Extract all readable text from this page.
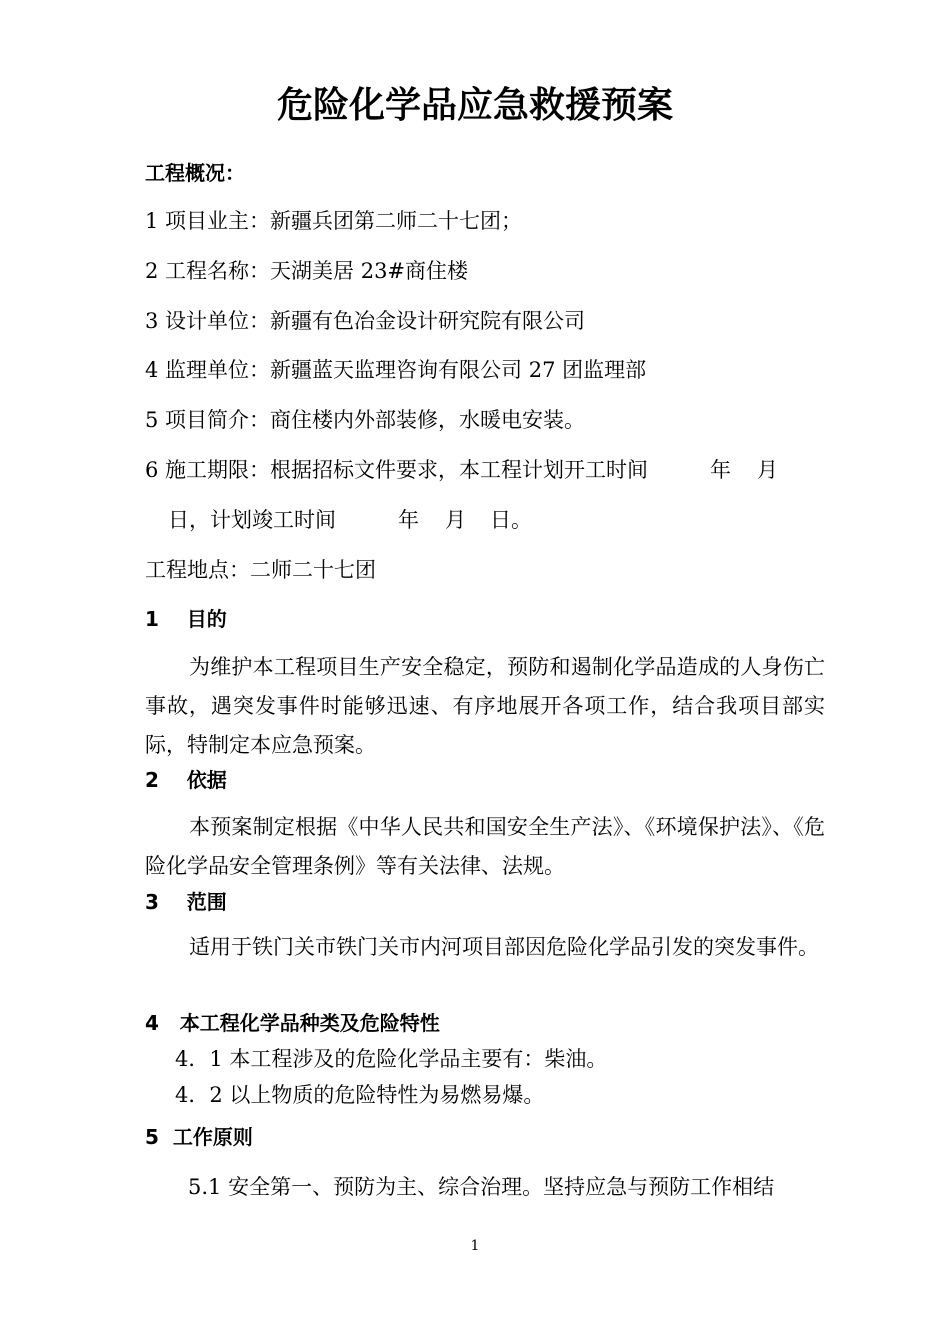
危险化学品应急救援预案
工程概况：
1 项目业主：新疆兵团第二师二十七团；
2 工程名称：天湖美居 23#商住楼
3 设计单位：新疆有色冶金设计研究院有限公司
4 监理单位：新疆蓝天监理咨询有限公司 27 团监理部
5 项目简介：商住楼内外部装修，水暖电安装。
6 施工期限：根据招标文件要求，本工程计划开工时间	年 月
日，计划竣工时间	年 月 日。
工程地点：二师二十七团
1    目的

为维护本工程项目生产安全稳定，预防和遏制化学品造成的人身伤亡事故，遇突发事件时能够迅速、有序地展开各项工作，结合我项目部实际，特制定本应急预案。

2    依据

本预案制定根据《中华人民共和国安全生产法》、《环境保护法》、《危险化学品安全管理条例》等有关法律、法规。

3    范围

适用于铁门关市铁门关市内河项目部因危险化学品引发的突发事件。

4   本工程化学品种类及危险特性
4．1 本工程涉及的危险化学品主要有：柴油。
4．2 以上物质的危险特性为易燃易爆。
5  工作原则
5.1 安全第一、预防为主、综合治理。坚持应急与预防工作相结
1
